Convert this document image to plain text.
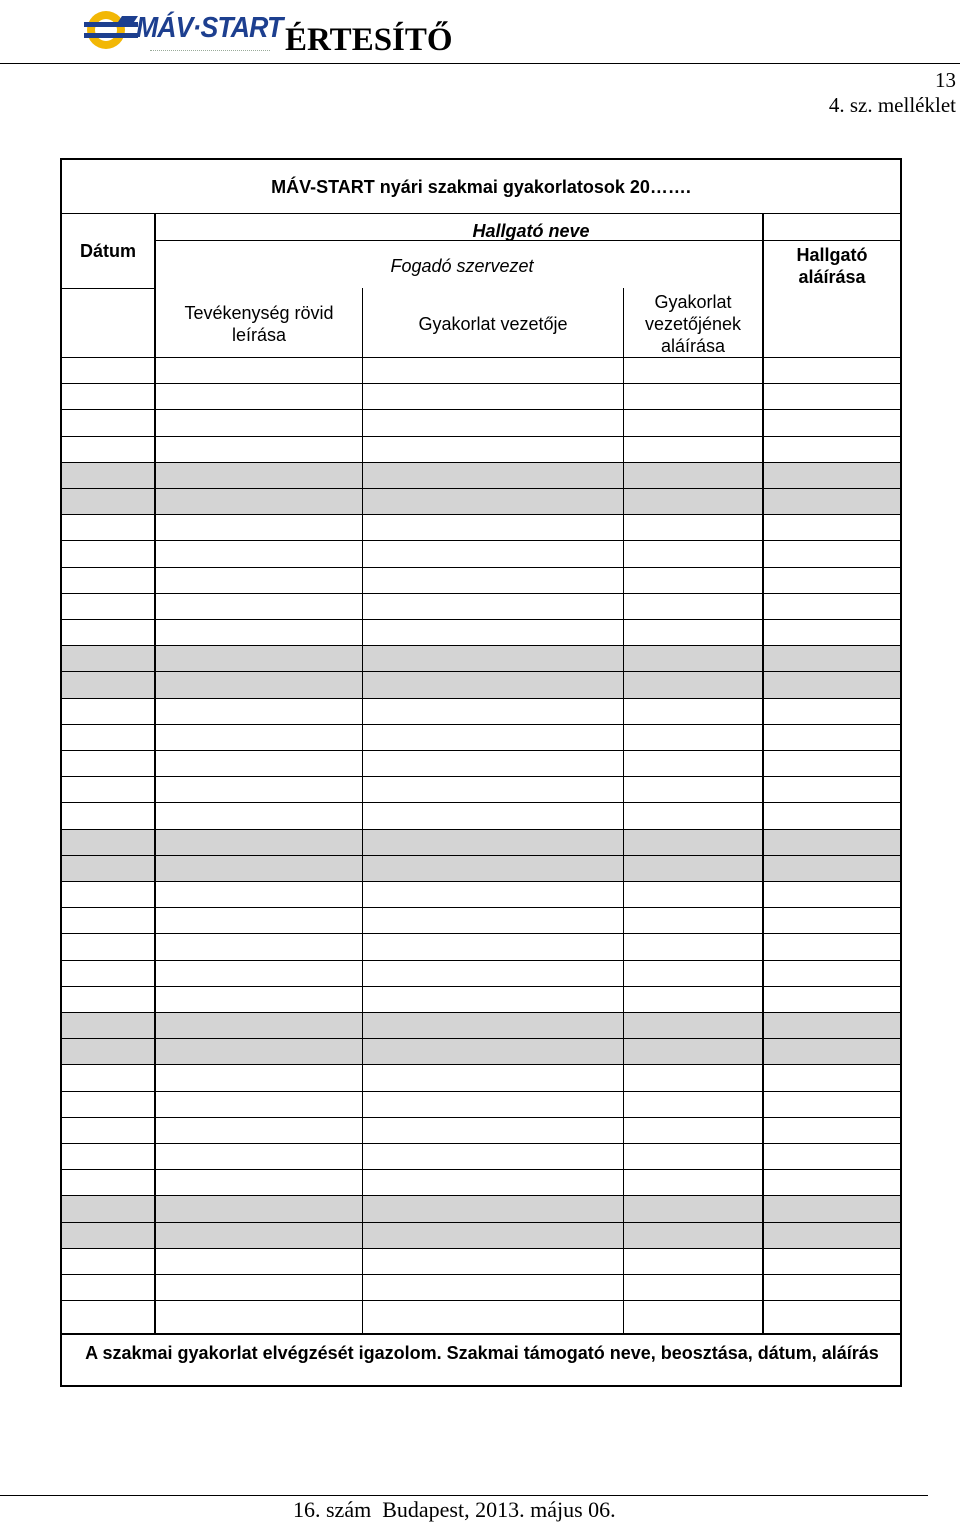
MÁV·START ÉRTESÍTŐ
13
4. sz. melléklet
MÁV-START nyári szakmai gyakorlatosok 20…….
Dátum
Hallgató neve
Fogadó szervezet
Hallgató aláírása
Tevékenység rövid leírása
Gyakorlat vezetője
Gyakorlat vezetőjének aláírása
A szakmai gyakorlat elvégzését igazolom. Szakmai támogató neve, beosztása, dátum, aláírás
16. szám Budapest, 2013. május 06.
